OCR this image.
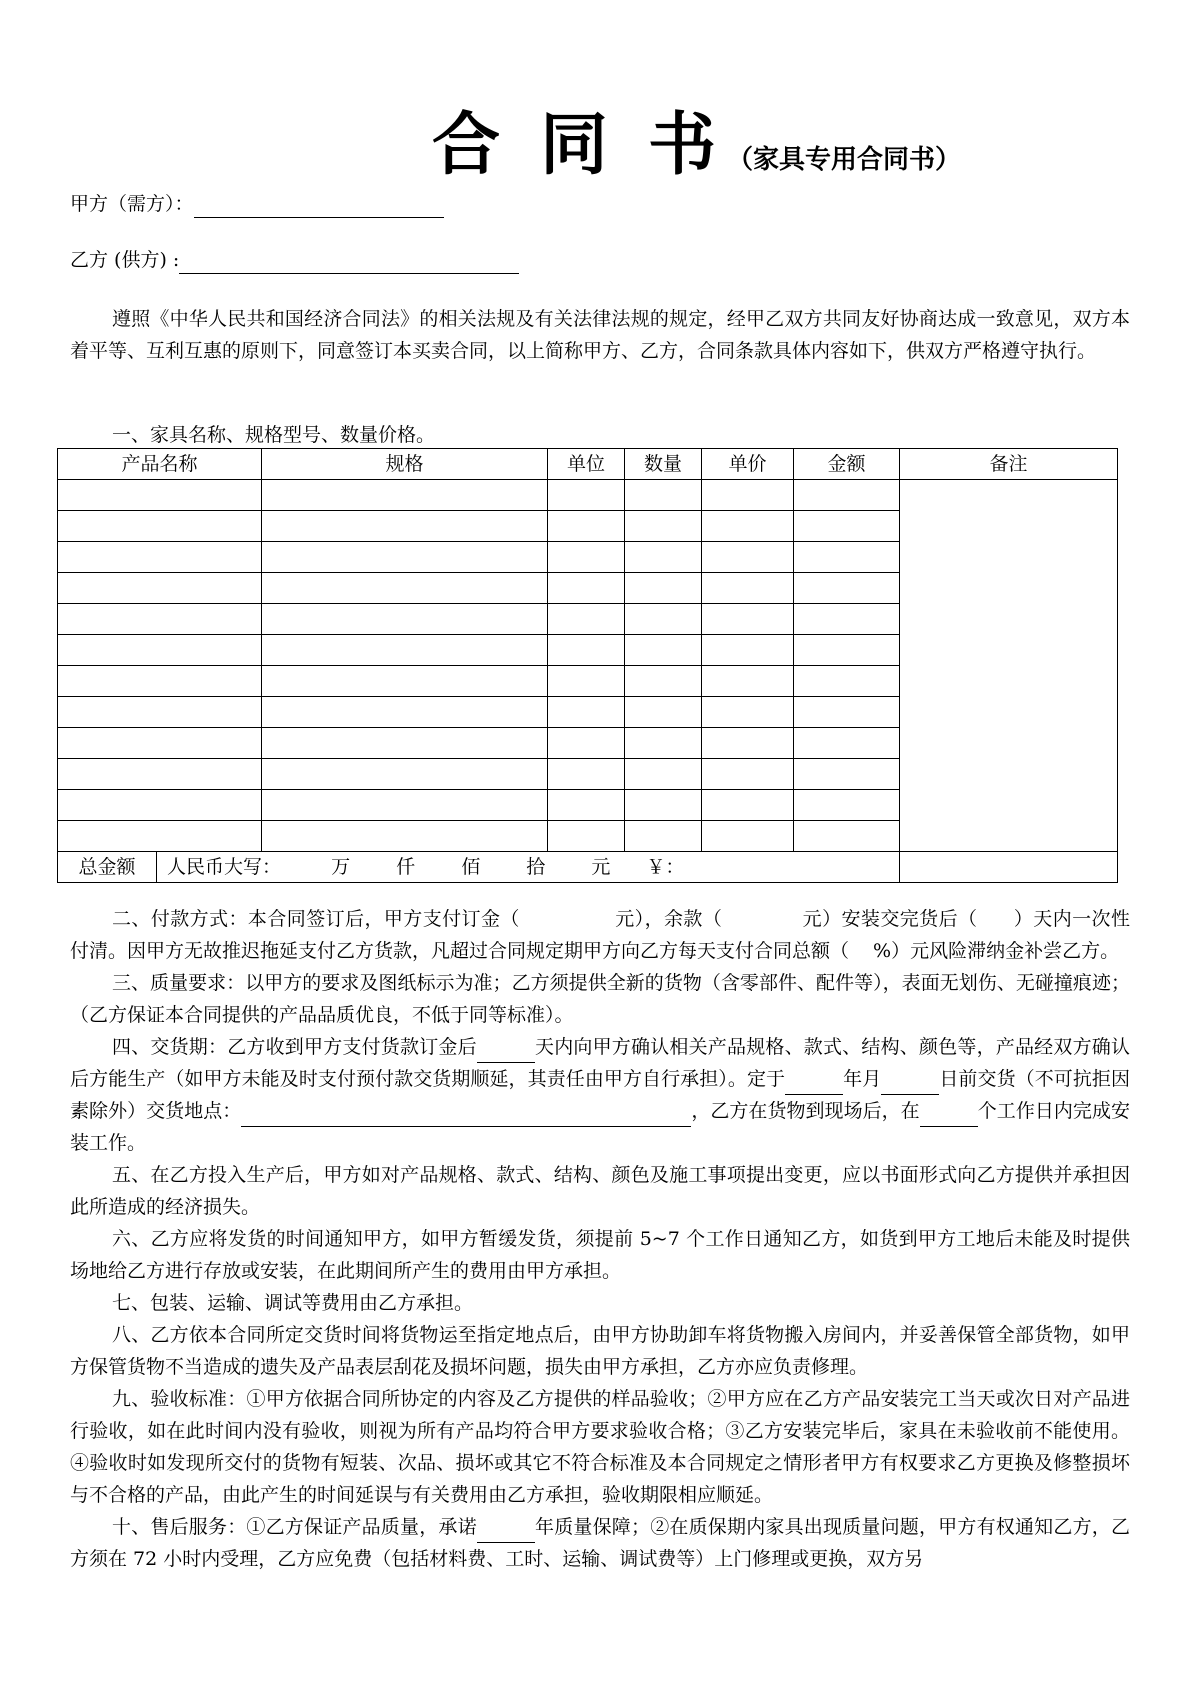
合同书
（家具专用合同书）
甲方（需方）：
乙方 (供方) :

遵照《中华人民共和国经济合同法》的相关法规及有关法律法规的规定，经甲乙双方共同友好协商达成一致意见，双方本着平等、互利互惠的原则下，同意签订本买卖合同，以上简称甲方、乙方，合同条款具体内容如下，供双方严格遵守执行。

一、家具名称、规格型号、数量价格。

产品名称		规格	单位	数量	单价	金额	备注

总金额	人民币大写： 万 仟 佰 拾 元 ￥：						

二、付款方式：本合同签订后，甲方支付订金（	元），余款（	元）安装交完货后（ ）天内一次性付清。因甲方无故推迟拖延支付乙方货款，凡超过合同规定期甲方向乙方每天支付合同总额（ %）元风险滞纳金补尝乙方。

三、质量要求：以甲方的要求及图纸标示为准；乙方须提供全新的货物（含零部件、配件等），表面无划伤、无碰撞痕迹；（乙方保证本合同提供的产品品质优良，不低于同等标准）。

四、交货期：乙方收到甲方支付货款订金后	天内向甲方确认相关产品规格、款式、结构、颜色等，产品经双方确认后方能生产（如甲方未能及时支付预付款交货期顺延，其责任由甲方自行承担）。定于	年月	日前交货（不可抗拒因素除外）交货地点：	，乙方在货物到现场后，在	个工作日内完成安装工作。

五、在乙方投入生产后，甲方如对产品规格、款式、结构、颜色及施工事项提出变更，应以书面形式向乙方提供并承担因此所造成的经济损失。

六、乙方应将发货的时间通知甲方，如甲方暂缓发货，须提前 5~7 个工作日通知乙方，如货到甲方工地后未能及时提供场地给乙方进行存放或安装，在此期间所产生的费用由甲方承担。

七、包装、运输、调试等费用由乙方承担。

八、乙方依本合同所定交货时间将货物运至指定地点后，由甲方协助卸车将货物搬入房间内，并妥善保管全部货物，如甲方保管货物不当造成的遗失及产品表层刮花及损坏问题，损失由甲方承担，乙方亦应负责修理。

九、验收标准：①甲方依据合同所协定的内容及乙方提供的样品验收；②甲方应在乙方产品安装完工当天或次日对产品进行验收，如在此时间内没有验收，则视为所有产品均符合甲方要求验收合格；③乙方安装完毕后，家具在未验收前不能使用。④验收时如发现所交付的货物有短装、次品、损坏或其它不符合标准及本合同规定之情形者甲方有权要求乙方更换及修整损坏与不合格的产品，由此产生的时间延误与有关费用由乙方承担，验收期限相应顺延。

十、售后服务：①乙方保证产品质量，承诺	年质量保障；②在质保期内家具出现质量问题，甲方有权通知乙方，乙方须在 72 小时内受理，乙方应免费（包括材料费、工时、运输、调试费等）上门修理或更换，双方另
